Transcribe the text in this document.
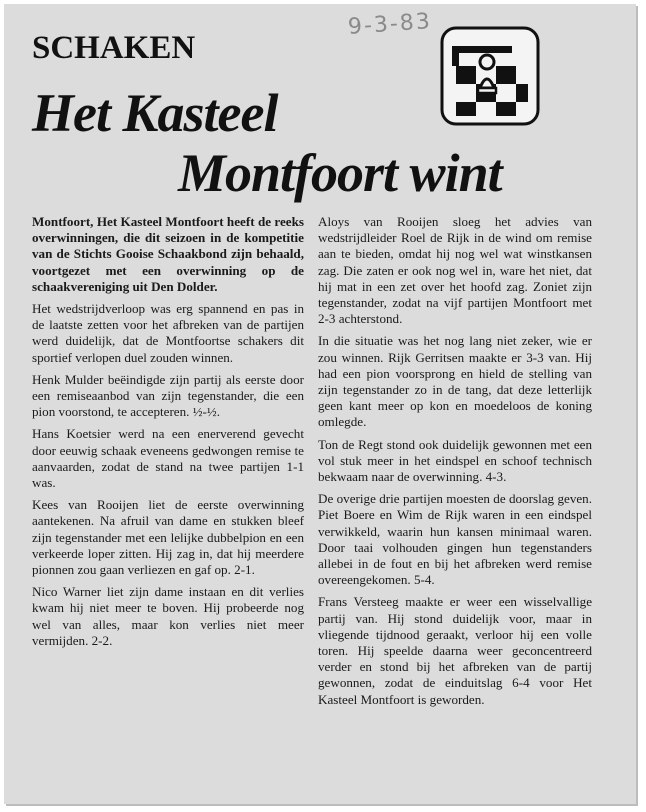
9-3-83
SCHAKEN
Het Kasteel
Montfoort wint

Montfoort, Het Kasteel Montfoort heeft de reeks overwinningen, die dit seizoen in de kompetitie van de Stichts Gooise Schaakbond zijn behaald, voortgezet met een overwinning op de schaakvereniging uit Den Dolder.

Het wedstrijdverloop was erg spannend en pas in de laatste zetten voor het afbreken van de partijen werd duidelijk, dat de Montfoortse schakers dit sportief verlopen duel zouden winnen.

Henk Mulder beëindigde zijn partij als eerste door een remiseaanbod van zijn tegenstander, die een pion voorstond, te accepteren. ½-½.

Hans Koetsier werd na een enerverend gevecht door eeuwig schaak eveneens gedwongen remise te aanvaarden, zodat de stand na twee partijen 1-1 was.

Kees van Rooijen liet de eerste overwinning aantekenen. Na afruil van dame en stukken bleef zijn tegenstander met een lelijke dubbelpion en een verkeerde loper zitten. Hij zag in, dat hij meerdere pionnen zou gaan verliezen en gaf op. 2-1.

Nico Warner liet zijn dame instaan en dit verlies kwam hij niet meer te boven. Hij probeerde nog wel van alles, maar kon verlies niet meer vermijden. 2-2.

Aloys van Rooijen sloeg het advies van wedstrijdleider Roel de Rijk in de wind om remise aan te bieden, omdat hij nog wel wat winstkansen zag. Die zaten er ook nog wel in, ware het niet, dat hij mat in een zet over het hoofd zag. Zoniet zijn tegenstander, zodat na vijf partijen Montfoort met 2-3 achterstond.

In die situatie was het nog lang niet zeker, wie er zou winnen. Rijk Gerritsen maakte er 3-3 van. Hij had een pion voorsprong en hield de stelling van zijn tegenstander zo in de tang, dat deze letterlijk geen kant meer op kon en moedeloos de koning omlegde.

Ton de Regt stond ook duidelijk gewonnen met een vol stuk meer in het eindspel en schoof technisch bekwaam naar de overwinning. 4-3.

De overige drie partijen moesten de doorslag geven. Piet Boere en Wim de Rijk waren in een eindspel verwikkeld, waarin hun kansen minimaal waren. Door taai volhouden gingen hun tegenstanders allebei in de fout en bij het afbreken werd remise overeengekomen. 5-4.

Frans Versteeg maakte er weer een wisselvallige partij van. Hij stond duidelijk voor, maar in vliegende tijdnood geraakt, verloor hij een volle toren. Hij speelde daarna weer geconcentreerd verder en stond bij het afbreken van de partij gewonnen, zodat de einduitslag 6-4 voor Het Kasteel Montfoort is geworden.
